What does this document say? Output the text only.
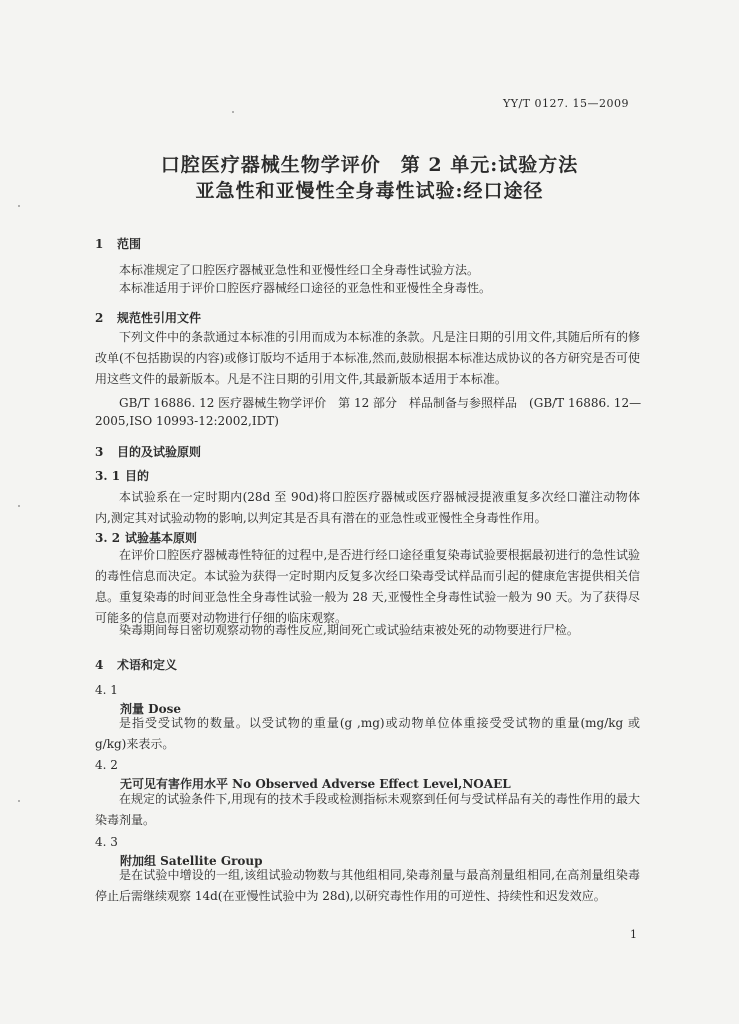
YY/T 0127. 15—2009
口腔医疗器械生物学评价　第 2 单元:试验方法
亚急性和亚慢性全身毒性试验:经口途径
1 范围
本标准规定了口腔医疗器械亚急性和亚慢性经口全身毒性试验方法。
本标准适用于评价口腔医疗器械经口途径的亚急性和亚慢性全身毒性。
2 规范性引用文件
下列文件中的条款通过本标准的引用而成为本标准的条款。凡是注日期的引用文件,其随后所有的修改单(不包括勘误的内容)或修订版均不适用于本标准,然而,鼓励根据本标准达成协议的各方研究是否可使用这些文件的最新版本。凡是不注日期的引用文件,其最新版本适用于本标准。
GB/T 16886. 12 医疗器械生物学评价　第 12 部分　样品制备与参照样品　(GB/T 16886. 12—
2005,ISO 10993-12:2002,IDT)
3 目的及试验原则
3. 1 目的
本试验系在一定时期内(28d 至 90d)将口腔医疗器械或医疗器械浸提液重复多次经口灌注动物体内,测定其对试验动物的影响,以判定其是否具有潜在的亚急性或亚慢性全身毒性作用。
3. 2 试验基本原则
在评价口腔医疗器械毒性特征的过程中,是否进行经口途径重复染毒试验要根据最初进行的急性试验的毒性信息而决定。本试验为获得一定时期内反复多次经口染毒受试样品而引起的健康危害提供相关信息。重复染毒的时间亚急性全身毒性试验一般为 28 天,亚慢性全身毒性试验一般为 90 天。为了获得尽可能多的信息而要对动物进行仔细的临床观察。
染毒期间每日密切观察动物的毒性反应,期间死亡或试验结束被处死的动物要进行尸检。
4 术语和定义
4. 1
剂量 Dose
是指受受试物的数量。以受试物的重量(g ,mg)或动物单位体重接受受试物的重量(mg/kg 或 g/kg)来表示。
4. 2
无可见有害作用水平 No Observed Adverse Effect Level,NOAEL
在规定的试验条件下,用现有的技术手段或检测指标未观察到任何与受试样品有关的毒性作用的最大染毒剂量。
4. 3
附加组 Satellite Group
是在试验中增设的一组,该组试验动物数与其他组相同,染毒剂量与最高剂量组相同,在高剂量组染毒停止后需继续观察 14d(在亚慢性试验中为 28d),以研究毒性作用的可逆性、持续性和迟发效应。
1
